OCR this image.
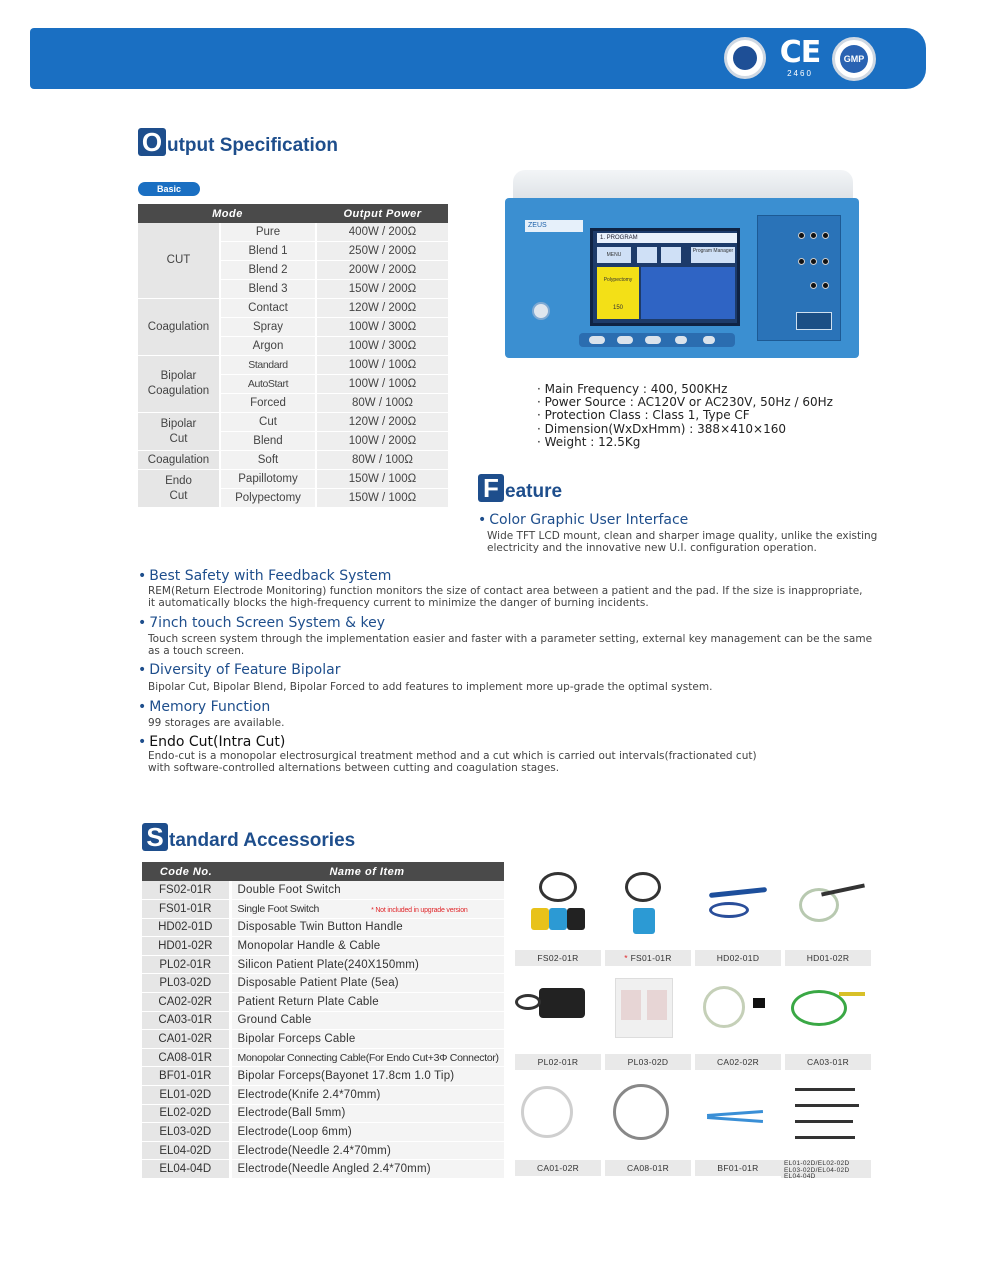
CE
2460
GMP
O utput Specification
Basic
Mode		Output Power
CUT	Pure	400W / 200Ω
	Blend 1	250W / 200Ω
	Blend 2	200W / 200Ω
	Blend 3	150W / 200Ω
Coagulation	Contact	120W / 200Ω
	Spray	100W / 300Ω
	Argon	100W / 300Ω
Bipolar
Coagulation	Standard	100W / 100Ω
	AutoStart	100W / 100Ω
	Forced	80W / 100Ω
Bipolar
Cut	Cut	120W / 200Ω
	Blend	100W / 200Ω
Coagulation	Soft	80W / 100Ω
Endo
Cut	Papillotomy	150W / 100Ω
	Polypectomy	150W / 100Ω
ZEUS
1. PROGRAM
MENU
Program Manager
Polypectomy
150
· Main Frequency : 400, 500KHz
· Power Source : AC120V or AC230V, 50Hz / 60Hz
· Protection Class : Class 1, Type CF
· Dimension(WxDxHmm) : 388×410×160
· Weight : 12.5Kg
F eature
• Color Graphic User Interface
Wide TFT LCD mount, clean and sharper image quality, unlike the existing
electricity and the innovative new U.I. configuration operation.
• Best Safety with Feedback System
REM(Return Electrode Monitoring) function monitors the size of contact area between a patient and the pad. If the size is inappropriate,
it automatically blocks the high-frequency current to minimize the danger of burning incidents.
• 7inch touch Screen System & key
Touch screen system through the implementation easier and faster with a parameter setting, external key management can be the same
as a touch screen.
• Diversity of Feature Bipolar
Bipolar Cut, Bipolar Blend, Bipolar Forced to add features to implement more up-grade the optimal system.
• Memory Function
99 storages are available.
• Endo Cut(Intra Cut)
Endo-cut is a monopolar electrosurgical treatment method and a cut which is carried out intervals(fractionated cut)
with software-controlled alternations between cutting and coagulation stages.
S tandard Accessories
Code No.	Name of Item
FS02-01R	Double Foot Switch
FS01-01R	Single Foot Switch * Not included in upgrade version
HD02-01D	Disposable Twin Button Handle
HD01-02R	Monopolar Handle & Cable
PL02-01R	Silicon Patient Plate(240X150mm)
PL03-02D	Disposable Patient Plate (5ea)
CA02-02R	Patient Return Plate Cable
CA03-01R	Ground Cable
CA01-02R	Bipolar Forceps Cable
CA08-01R	Monopolar Connecting Cable(For Endo Cut+3Φ Connector)
BF01-01R	Bipolar Forceps(Bayonet 17.8cm 1.0 Tip)
EL01-02D	Electrode(Knife 2.4*70mm)
EL02-02D	Electrode(Ball 5mm)
EL03-02D	Electrode(Loop 6mm)
EL04-02D	Electrode(Needle 2.4*70mm)
EL04-04D	Electrode(Needle Angled 2.4*70mm)
FS02-01R	* FS01-01R	HD02-01D	HD01-02R
PL02-01R	PL03-02D	CA02-02R	CA03-01R
CA01-02R	CA08-01R	BF01-01R	EL01-02D/EL02-02D
EL03-02D/EL04-02D
EL04-04D
